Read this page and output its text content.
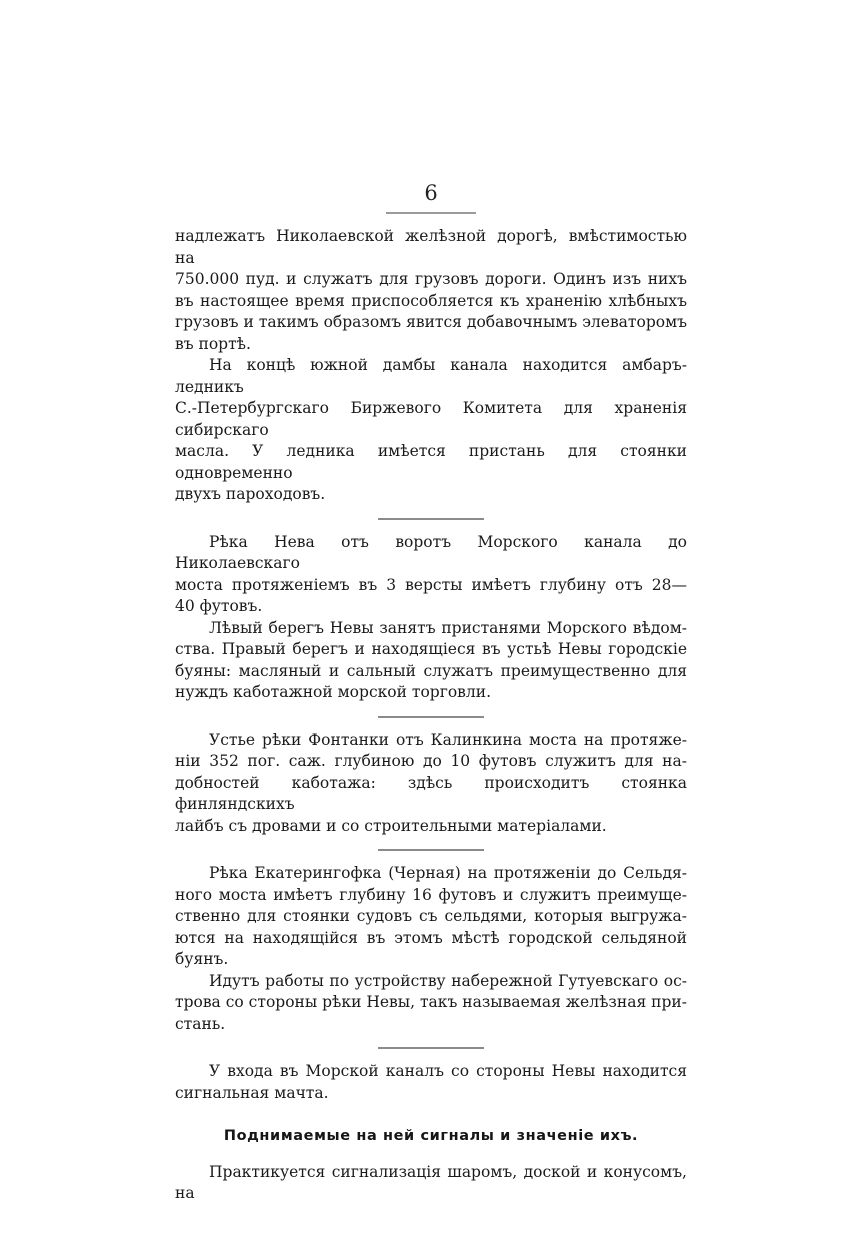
6

надлежатъ Николаевской желѣзной дорогѣ, вмѣстимостью на
750.000 пуд. и служатъ для грузовъ дороги. Одинъ изъ нихъ
въ настоящее время приспособляется къ храненію хлѣбныхъ
грузовъ и такимъ образомъ явится добавочнымъ элеваторомъ
въ портѣ.

На концѣ южной дамбы канала находится амбаръ-ледникъ
С.-Петербургскаго Биржевого Комитета для храненія сибирскаго
масла. У ледника имѣется пристань для стоянки одновременно
двухъ пароходовъ.

Рѣка Нева отъ воротъ Морского канала до Николаевскаго
моста протяженіемъ въ 3 версты имѣетъ глубину отъ 28—
40 футовъ.

Лѣвый берегъ Невы занятъ пристанями Морского вѣдом-
ства. Правый берегъ и находящіеся въ устьѣ Невы городскіе
буяны: масляный и сальный служатъ преимущественно для
нуждъ каботажной морской торговли.

Устье рѣки Фонтанки отъ Калинкина моста на протяже-
ніи 352 пог. саж. глубиною до 10 футовъ служитъ для на-
добностей каботажа: здѣсь происходитъ стоянка финляндскихъ
лайбъ съ дровами и со строительными матеріалами.

Рѣка Екатерингофка (Черная) на протяженіи до Сельдя-
ного моста имѣетъ глубину 16 футовъ и служитъ преимуще-
ственно для стоянки судовъ съ сельдями, которыя выгружа-
ются на находящійся въ этомъ мѣстѣ городской сельдяной
буянъ.

Идутъ работы по устройству набережной Гутуевскаго ос-
трова со стороны рѣки Невы, такъ называемая желѣзная при-
стань.

У входа въ Морской каналъ со стороны Невы находится
сигнальная мачта.

Поднимаемые на ней сигналы и значеніе ихъ.

Практикуется сигнализація шаромъ, доской и конусомъ, на
